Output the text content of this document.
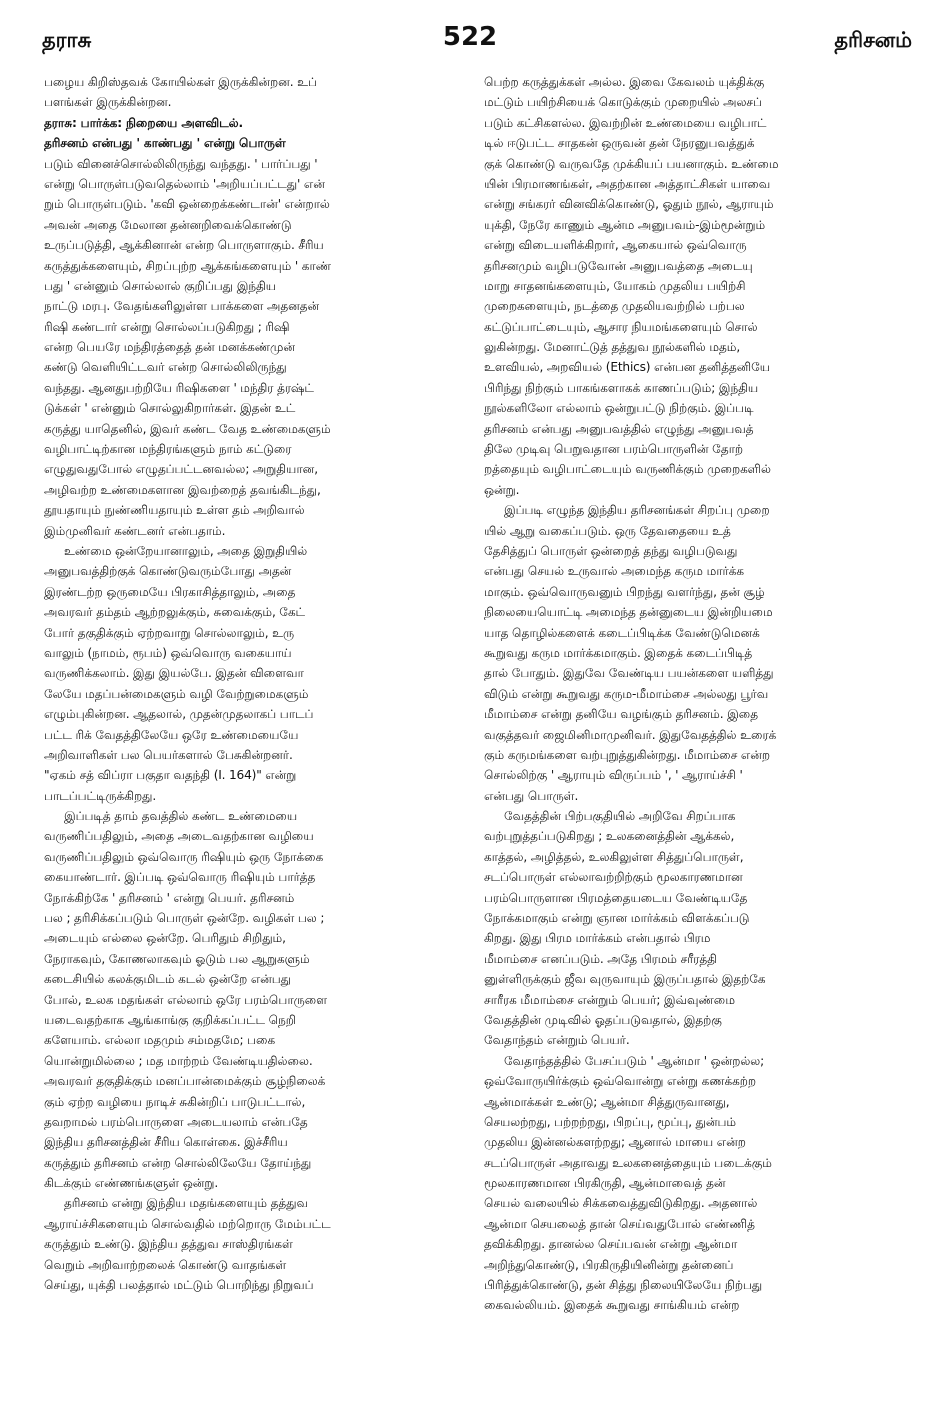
தராசு	522	தரிசனம்
பழைய கிறிஸ்தவக் கோயில்கள் இருக்கின்றன. உப்
பளங்கள் இருக்கின்றன.
தராசு: பார்க்க: நிறையை அளவிடல்.
தரிசனம் என்பது ' காண்பது ' என்று பொருள்
படும் வினைச்சொல்லிலிருந்து வந்தது. ' பார்ப்பது '
என்று பொருள்படுவதெல்லாம் 'அறியப்பட்டது' என்
றும் பொருள்படும். 'கவி ஒன்றைக்கண்டான்' என்றால்
அவன் அதை மேலான தன்னறிவைக்கொண்டு
உருப்படுத்தி, ஆக்கினான் என்ற பொருளாகும். சீரிய
கருத்துக்களையும், சிறப்புற்ற ஆக்கங்களையும் ' காண்
பது ' என்னும் சொல்லால் குறிப்பது இந்திய
நாட்டு மரபு. வேதங்களிலுள்ள பாக்களை அதனதன்
ரிஷி கண்டார் என்று சொல்லப்படுகிறது ; ரிஷி
என்ற பெயரே மந்திரத்தைத் தன் மனக்கண்முன்
கண்டு வெளியிட்டவர் என்ற சொல்லிலிருந்து
வந்தது. ஆனதுபற்றியே ரிஷிகளை ' மந்திர த்ரஷ்ட்
டுக்கள் ' என்னும் சொல்லுகிறார்கள். இதன் உட்
கருத்து யாதெனில், இவர் கண்ட வேத உண்மைகளும்
வழிபாட்டிற்கான மந்திரங்களும் நாம் கட்டுரை
எழுதுவதுபோல் எழுதப்பட்டனவல்ல; அறுதியான,
அழிவற்ற உண்மைகளான இவற்றைத் தவங்கிடந்து,
தூயதாயும் நுண்ணியதாயும் உள்ள தம் அறிவால்
இம்முனிவர் கண்டனர் என்பதாம்.
உண்மை ஒன்றேயானாலும், அதை இறுதியில்
அனுபவத்திற்குக் கொண்டுவரும்போது அதன்
இரண்டற்ற ஒருமையே பிரகாசித்தாலும், அதை
அவரவர் தம்தம் ஆற்றலுக்கும், சுவைக்கும், கேட்
போர் தகுதிக்கும் ஏற்றவாறு சொல்லாலும், உரு
வாலும் (நாமம், ரூபம்) ஒவ்வொரு வகையாய்
வருணிக்கலாம். இது இயல்பே. இதன் விளைவா
லேயே மதப்பன்மைகளும் வழி வேற்றுமைகளும்
எழும்புகின்றன. ஆதலால், முதன்முதலாகப் பாடப்
பட்ட ரிக் வேதத்திலேயே ஒரே உண்மையையே
அறிவாளிகள் பல பெயர்களால் பேசுகின்றனர்.
"ஏகம் சத் விப்ரா பகுதா வதந்தி (I. 164)" என்று
பாடப்பட்டிருக்கிறது.
இப்படித் தாம் தவத்தில் கண்ட உண்மையை
வருணிப்பதிலும், அதை அடைவதற்கான வழியை
வருணிப்பதிலும் ஒவ்வொரு ரிஷியும் ஒரு நோக்கை
கையாண்டார். இப்படி ஒவ்வொரு ரிஷியும் பார்த்த
நோக்கிற்கே ' தரிசனம் ' என்று பெயர். தரிசனம்
பல ; தரிசிக்கப்படும் பொருள் ஒன்றே. வழிகள் பல ;
அடையும் எல்லை ஒன்றே. பெரிதும் சிறிதும்,
நேராகவும், கோணலாகவும் ஓடும் பல ஆறுகளும்
கடைசியில் கலக்குமிடம் கடல் ஒன்றே என்பது
போல், உலக மதங்கள் எல்லாம் ஒரே பரம்பொருளை
யடைவதற்காக ஆங்காங்கு குறிக்கப்பட்ட நெறி
களேயாம். எல்லா மதமும் சம்மதமே; பகை
யொன்றுமில்லை ; மத மாற்றம் வேண்டியதில்லை.
அவரவர் தகுதிக்கும் மனப்பான்மைக்கும் சூழ்நிலைக்
கும் ஏற்ற வழியை நாடிச் சுகின்றிப் பாடுபட்டால்,
தவறாமல் பரம்பொருளை அடையலாம் என்பதே
இந்திய தரிசனத்தின் சீரிய கொள்கை. இச்சீரிய
கருத்தும் தரிசனம் என்ற சொல்லிலேயே தோய்ந்து
கிடக்கும் எண்ணங்களுள் ஒன்று.
தரிசனம் என்று இந்திய மதங்களையும் தத்துவ
ஆராய்ச்சிகளையும் சொல்வதில் மற்றொரு மேம்பட்ட
கருத்தும் உண்டு. இந்திய தத்துவ சாஸ்திரங்கள்
வெறும் அறிவாற்றலைக் கொண்டு வாதங்கள்
செய்து, யுக்தி பலத்தால் மட்டும் பொறிந்து நிறுவப்
பெற்ற கருத்துக்கள் அல்ல. இவை கேவலம் யுக்திக்கு
மட்டும் பயிற்சியைக் கொடுக்கும் முறையில் அலசப்
படும் கட்சிகளல்ல. இவற்றின் உண்மையை வழிபாட்
டில் ஈடுபட்ட சாதகன் ஒருவன் தன் நேரனுபவத்துக்
குக் கொண்டு வருவதே முக்கியப் பயனாகும். உண்மை
யின் பிரமாணங்கள், அதற்கான அத்தாட்சிகள் யாவை
என்று சங்கரர் வினவிக்கொண்டு, ஓதும் நூல், ஆராயும்
யுக்தி, நேரே காணும் ஆன்ம அனுபவம்-இம்மூன்றும்
என்று விடையளிக்கிறார், ஆகையால் ஒவ்வொரு
தரிசனமும் வழிபடுவோன் அனுபவத்தை அடையு
மாறு சாதனங்களையும், யோகம் முதலிய பயிற்சி
முறைகளையும், நடத்தை முதலியவற்றில் பற்பல
கட்டுப்பாட்டையும், ஆசார நியமங்களையும் சொல்
லுகின்றது. மேனாட்டுத் தத்துவ நூல்களில் மதம்,
உளவியல், அறவியல் (Ethics) என்பன தனித்தனியே
பிரிந்து நிற்கும் பாகங்களாகக் காணப்படும்; இந்திய
நூல்களிலோ எல்லாம் ஒன்றுபட்டு நிற்கும். இப்படி
தரிசனம் என்பது அனுபவத்தில் எழுந்து அனுபவத்
திலே முடிவு பெறுவதான பரம்பொருளின் தோற்
றத்தையும் வழிபாட்டையும் வருணிக்கும் முறைகளில்
ஒன்று.
இப்படி எழுந்த இந்திய தரிசனங்கள் சிறப்பு முறை
யில் ஆறு வகைப்படும். ஒரு தேவதையை உத்
தேசித்துப் பொருள் ஒன்றைத் தந்து வழிபடுவது
என்பது செயல் உருவால் அமைந்த கரும மார்க்க
மாகும். ஒவ்வொருவனும் பிறந்து வளர்ந்து, தன் சூழ்
நிலையையொட்டி அமைந்த தன்னுடைய இன்றியமை
யாத தொழில்களைக் கடைப்பிடிக்க வேண்டுமெனக்
கூறுவது கரும மார்க்கமாகும். இதைக் கடைப்பிடித்
தால் போதும். இதுவே வேண்டிய பயன்களை யளித்து
விடும் என்று கூறுவது கரும-மீமாம்சை அல்லது பூர்வ
மீமாம்சை என்று தனியே வழங்கும் தரிசனம். இதை
வகுத்தவர் ஜைமினிமாமுனிவர். இதுவேதத்தில் உரைக்
கும் கருமங்களை வற்புறுத்துகின்றது. மீமாம்சை என்ற
சொல்லிற்கு ' ஆராயும் விருப்பம் ', ' ஆராய்ச்சி '
என்பது பொருள்.
வேதத்தின் பிற்பகுதியில் அறிவே சிறப்பாக
வற்புறுத்தப்படுகிறது ; உலகனைத்தின் ஆக்கல்,
காத்தல், அழித்தல், உலகிலுள்ள சித்துப்பொருள்,
சடப்பொருள் எல்லாவற்றிற்கும் மூலகாரணமான
பரம்பொருளான பிரமத்தையடைய வேண்டியதே
நோக்கமாகும் என்று ஞான மார்க்கம் விளக்கப்படு
கிறது. இது பிரம மார்க்கம் என்பதால் பிரம
மீமாம்சை எனப்படும். அதே பிரமம் சரீரத்தி
னுள்ளிருக்கும் ஜீவ வுருவாயும் இருப்பதால் இதற்கே
சாரீரக மீமாம்சை என்றும் பெயர்; இவ்வுண்மை
வேதத்தின் முடிவில் ஓதப்படுவதால், இதற்கு
வேதாந்தம் என்றும் பெயர்.
வேதாந்தத்தில் பேசப்படும் ' ஆன்மா ' ஒன்றல்ல;
ஒவ்வோருயிர்க்கும் ஒவ்வொன்று என்று கணக்கற்ற
ஆன்மாக்கள் உண்டு; ஆன்மா சித்துருவானது,
செயலற்றது, பற்றற்றது, பிறப்பு, மூப்பு, துன்பம்
முதலிய இன்னல்களற்றது; ஆனால் மாயை என்ற
சடப்பொருள் அதாவது உலகனைத்தையும் படைக்கும்
மூலகாரணமான பிரகிருதி, ஆன்மாவைத் தன்
செயல் வலையில் சிக்கவைத்துவிடுகிறது. அதனால்
ஆன்மா செயலைத் தான் செய்வதுபோல் எண்ணித்
தவிக்கிறது. தானல்ல செய்பவன் என்று ஆன்மா
அறிந்துகொண்டு, பிரகிருதியினின்று தன்னைப்
பிரித்துக்கொண்டு, தன் சித்து நிலையிலேயே நிற்பது
கைவல்லியம். இதைக் கூறுவது சாங்கியம் என்ற
